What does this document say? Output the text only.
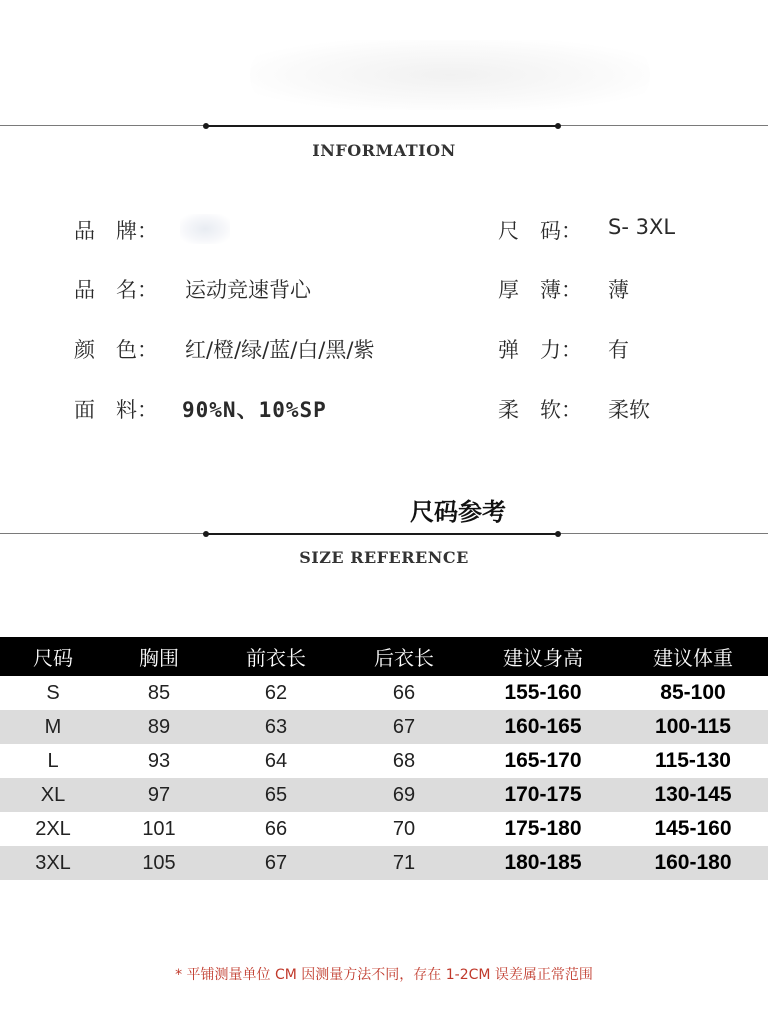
INFORMATION
品　牌：	尺　码： S- 3XL
品　名： 运动竞速背心	厚　薄： 薄
颜　色： 红/橙/绿/蓝/白/黑/紫	弹　力： 有
面　料： 90%N、10%SP	柔　软： 柔软
尺码参考
SIZE REFERENCE
尺码	胸围	前衣长	后衣长	建议身高	建议体重
S	85	62	66	155-160	85-100
M	89	63	67	160-165	100-115
L	93	64	68	165-170	115-130
XL	97	65	69	170-175	130-145
2XL	101	66	70	175-180	145-160
3XL	105	67	71	180-185	160-180
* 平铺测量单位 CM 因测量方法不同，存在 1-2CM 误差属正常范围
